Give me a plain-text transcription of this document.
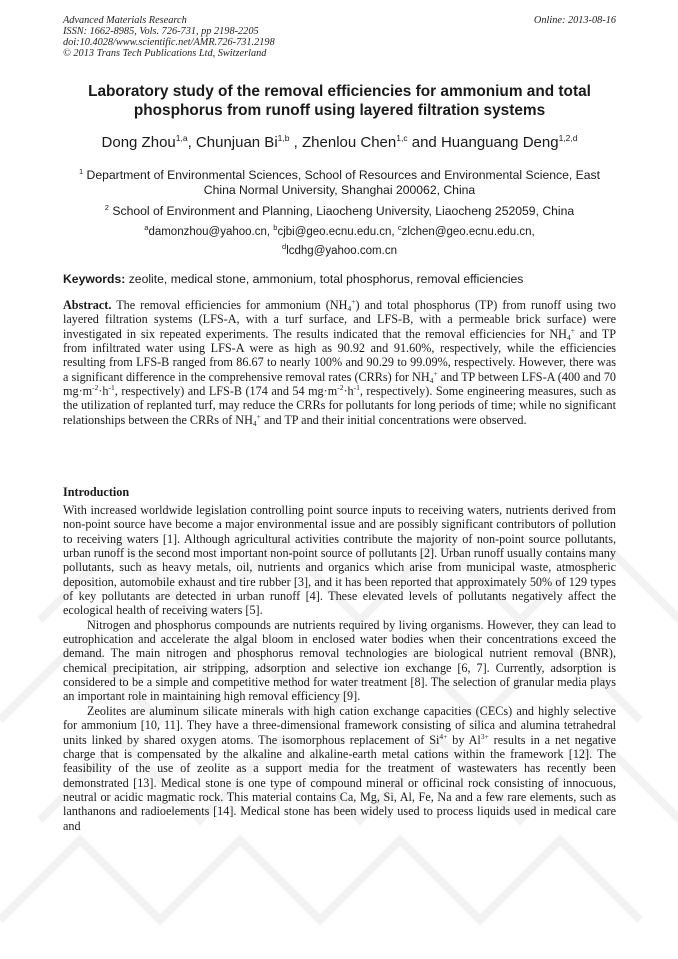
Advanced Materials Research
ISSN: 1662-8985, Vols. 726-731, pp 2198-2205
doi:10.4028/www.scientific.net/AMR.726-731.2198
© 2013 Trans Tech Publications Ltd, Switzerland
Online: 2013-08-16
Laboratory study of the removal efficiencies for ammonium and total phosphorus from runoff using layered filtration systems
Dong Zhou$^{1,a}$, Chunjuan Bi$^{1,b}$ , Zhenlou Chen$^{1,c}$ and Huanguang Deng$^{1,2,d}$
$^1$ Department of Environmental Sciences, School of Resources and Environmental Science, East China Normal University, Shanghai 200062, China
$^2$ School of Environment and Planning, Liaocheng University, Liaocheng 252059, China
$^a$damonzhou@yahoo.cn, $^b$cjbi@geo.ecnu.edu.cn, $^c$zlchen@geo.ecnu.edu.cn,
$^d$lcdhg@yahoo.com.cn
Keywords: zeolite, medical stone, ammonium, total phosphorus, removal efficiencies
Abstract. The removal efficiencies for ammonium $(NH_4^+)$ and total phosphorus (TP) from runoff using two layered filtration systems (LFS-A, with a turf surface, and LFS-B, with a permeable brick surface) were investigated in six repeated experiments. The results indicated that the removal efficiencies for $NH_4^+$ and TP from infiltrated water using LFS-A were as high as 90.92 and 91.60%, respectively, while the efficiencies resulting from LFS-B ranged from 86.67 to nearly 100% and 90.29 to 99.09%, respectively. However, there was a significant difference in the comprehensive removal rates (CRRs) for $NH_4^+$ and TP between LFS-A (400 and 70 $mg\cdot m^{-2}\cdot h^{-1}$, respectively) and LFS-B (174 and 54 $mg\cdot m^{-2}\cdot h^{-1}$, respectively). Some engineering measures, such as the utilization of replanted turf, may reduce the CRRs for pollutants for long periods of time; while no significant relationships between the CRRs of $NH_4^+$ and TP and their initial concentrations were observed.
Introduction

With increased worldwide legislation controlling point source inputs to receiving waters, nutrients derived from non-point source have become a major environmental issue and are possibly significant contributors of pollution to receiving waters [1]. Although agricultural activities contribute the majority of non-point source pollutants, urban runoff is the second most important non-point source of pollutants [2]. Urban runoff usually contains many pollutants, such as heavy metals, oil, nutrients and organics which arise from municipal waste, atmospheric deposition, automobile exhaust and tire rubber [3], and it has been reported that approximately 50% of 129 types of key pollutants are detected in urban runoff [4]. These elevated levels of pollutants negatively affect the ecological health of receiving waters [5].

Nitrogen and phosphorus compounds are nutrients required by living organisms. However, they can lead to eutrophication and accelerate the algal bloom in enclosed water bodies when their concentrations exceed the demand. The main nitrogen and phosphorus removal technologies are biological nutrient removal (BNR), chemical precipitation, air stripping, adsorption and selective ion exchange [6, 7]. Currently, adsorption is considered to be a simple and competitive method for water treatment [8]. The selection of granular media plays an important role in maintaining high removal efficiency [9].

Zeolites are aluminum silicate minerals with high cation exchange capacities (CECs) and highly selective for ammonium [10, 11]. They have a three-dimensional framework consisting of silica and alumina tetrahedral units linked by shared oxygen atoms. The isomorphous replacement of $Si^{4+}$ by $Al^{3+}$ results in a net negative charge that is compensated by the alkaline and alkaline-earth metal cations within the framework [12]. The feasibility of the use of zeolite as a support media for the treatment of wastewaters has recently been demonstrated [13]. Medical stone is one type of compound mineral or officinal rock consisting of innocuous, neutral or acidic magmatic rock. This material contains Ca, Mg, Si, Al, Fe, Na and a few rare elements, such as lanthanons and radioelements [14]. Medical stone has been widely used to process liquids used in medical care and
